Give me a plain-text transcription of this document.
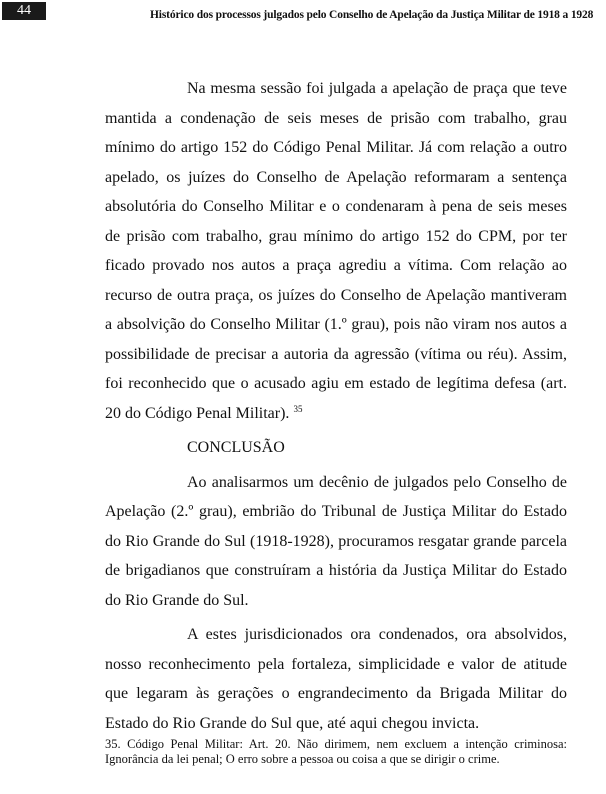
44	Histórico dos processos julgados pelo Conselho de Apelação da Justiça Militar de 1918 a 1928

Na mesma sessão foi julgada a apelação de praça que teve mantida a condenação de seis meses de prisão com trabalho, grau mínimo do artigo 152 do Código Penal Militar. Já com relação a outro apelado, os juízes do Conselho de Apelação reformaram a sentença absolutória do Conselho Militar e o condenaram à pena de seis meses de prisão com trabalho, grau mínimo do artigo 152 do CPM, por ter ficado provado nos autos a praça agrediu a vítima. Com relação ao recurso de outra praça, os juízes do Conselho de Apelação mantiveram a absolvição do Conselho Militar (1.º grau), pois não viram nos autos a possibilidade de precisar a autoria da agressão (vítima ou réu). Assim, foi reconhecido que o acusado agiu em estado de legítima defesa (art. 20 do Código Penal Militar). $^{35}$

CONCLUSÃO

Ao analisarmos um decênio de julgados pelo Conselho de Apelação (2.º grau), embrião do Tribunal de Justiça Militar do Estado do Rio Grande do Sul (1918-1928), procuramos resgatar grande parcela de brigadianos que construíram a história da Justiça Militar do Estado do Rio Grande do Sul.

A estes jurisdicionados ora condenados, ora absolvidos, nosso reconhecimento pela fortaleza, simplicidade e valor de atitude que legaram às gerações o engrandecimento da Brigada Militar do Estado do Rio Grande do Sul que, até aqui chegou invicta.

35. Código Penal Militar: Art. 20. Não dirimem, nem excluem a intenção criminosa: Ignorância da lei penal; O erro sobre a pessoa ou coisa a que se dirigir o crime.
